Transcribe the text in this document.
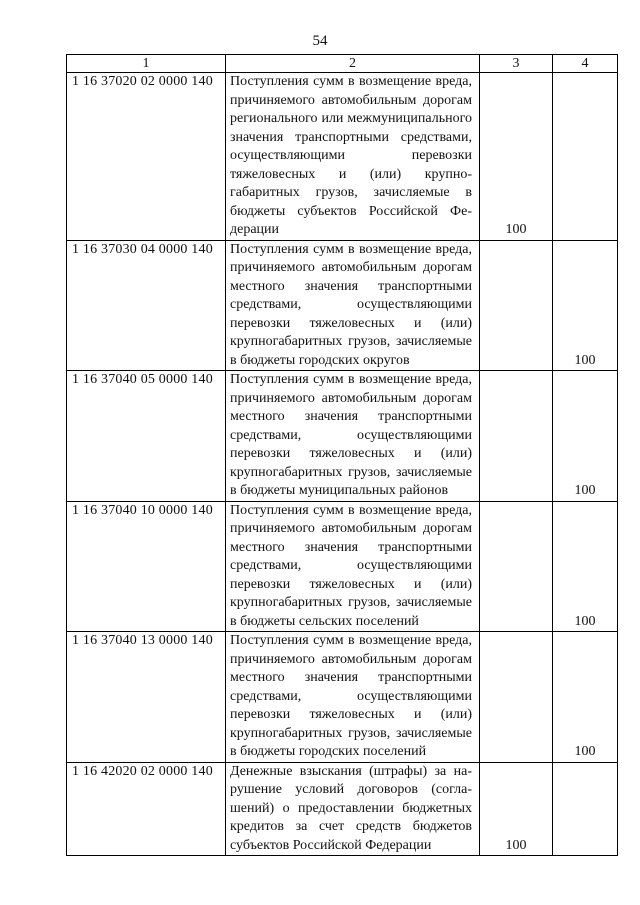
54
1	2	3	4
1 16 37020 02 0000 140	Поступления сумм в возмещение вреда, причиняемого автомобильным дорогам регионального или межмуниципального значения транспортными средствами, осуществляющими перевозки тяжеловесных и (или) крупногабаритных грузов, зачисляемые в бюджеты субъектов Российской Федерации	100	

1 16 37030 04 0000 140	Поступления сумм в возмещение вреда, причиняемого автомобильным дорогам местного значения транспортными средствами, осуществляющими перевозки тяжеловесных и (или) крупногабаритных грузов, зачисляемые в бюджеты городских округов		100

1 16 37040 05 0000 140	Поступления сумм в возмещение вреда, причиняемого автомобильным дорогам местного значения транспортными средствами, осуществляющими перевозки тяжеловесных и (или) крупногабаритных грузов, зачисляемые в бюджеты муниципальных районов		100

1 16 37040 10 0000 140	Поступления сумм в возмещение вреда, причиняемого автомобильным дорогам местного значения транспортными средствами, осуществляющими перевозки тяжеловесных и (или) крупногабаритных грузов, зачисляемые в бюджеты сельских поселений		100

1 16 37040 13 0000 140	Поступления сумм в возмещение вреда, причиняемого автомобильным дорогам местного значения транспортными средствами, осуществляющими перевозки тяжеловесных и (или) крупногабаритных грузов, зачисляемые в бюджеты городских поселений		100

1 16 42020 02 0000 140	Денежные взыскания (штрафы) за нарушение условий договоров (соглашений) о предоставлении бюджетных кредитов за счет средств бюджетов субъектов Российской Федерации	100	
